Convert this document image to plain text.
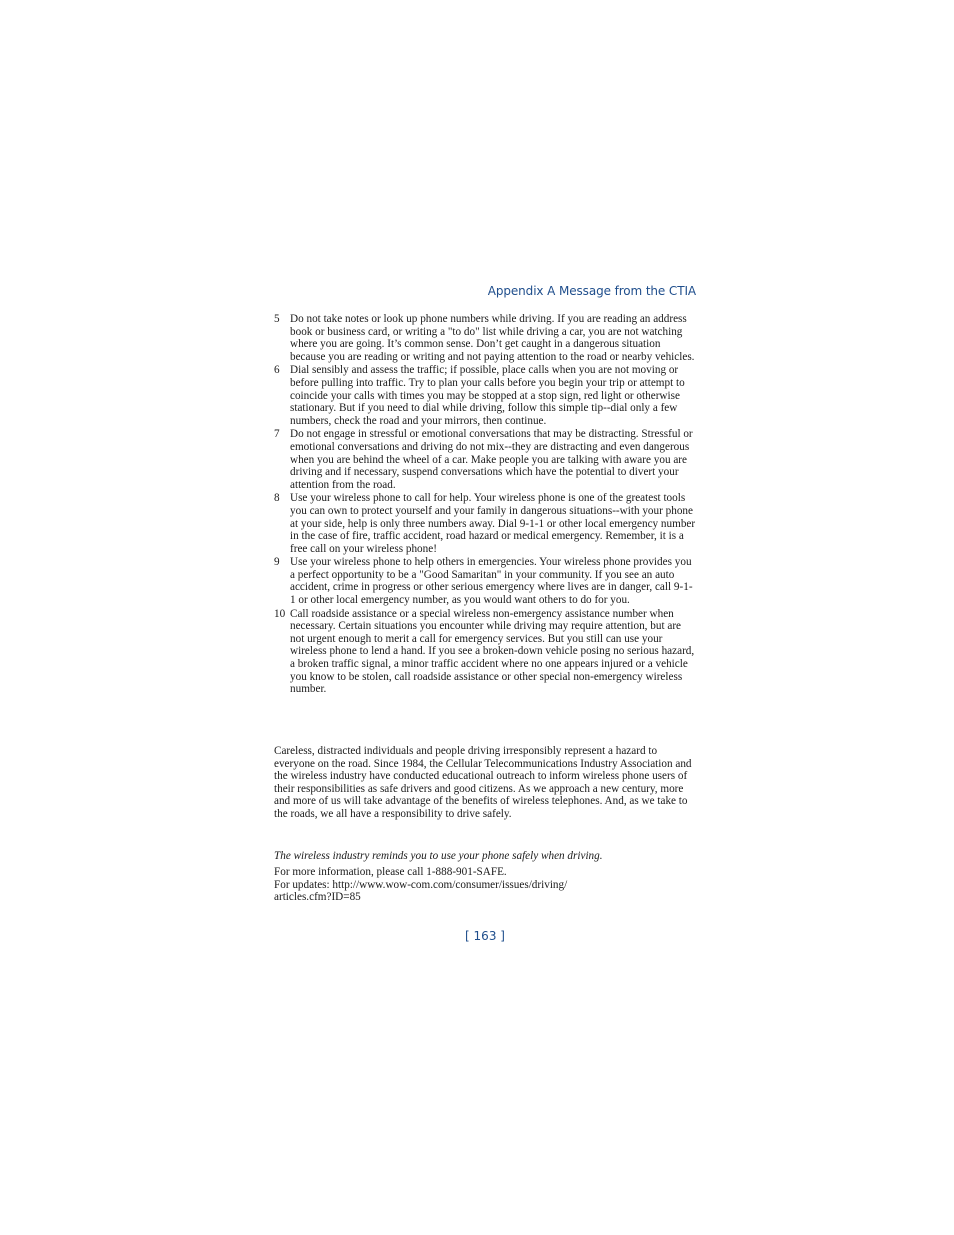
Appendix A Message from the CTIA
5 Do not take notes or look up phone numbers while driving. If you are reading an address book or business card, or writing a "to do" list while driving a car, you are not watching where you are going. It’s common sense. Don’t get caught in a dangerous situation because you are reading or writing and not paying attention to the road or nearby vehicles.
6 Dial sensibly and assess the traffic; if possible, place calls when you are not moving or before pulling into traffic. Try to plan your calls before you begin your trip or attempt to coincide your calls with times you may be stopped at a stop sign, red light or otherwise stationary. But if you need to dial while driving, follow this simple tip--dial only a few numbers, check the road and your mirrors, then continue.
7 Do not engage in stressful or emotional conversations that may be distracting. Stressful or emotional conversations and driving do not mix--they are distracting and even dangerous when you are behind the wheel of a car. Make people you are talking with aware you are driving and if necessary, suspend conversations which have the potential to divert your attention from the road.
8 Use your wireless phone to call for help. Your wireless phone is one of the greatest tools you can own to protect yourself and your family in dangerous situations--with your phone at your side, help is only three numbers away. Dial 9-1-1 or other local emergency number in the case of fire, traffic accident, road hazard or medical emergency. Remember, it is a free call on your wireless phone!
9 Use your wireless phone to help others in emergencies. Your wireless phone provides you a perfect opportunity to be a "Good Samaritan" in your community. If you see an auto accident, crime in progress or other serious emergency where lives are in danger, call 9-1-1 or other local emergency number, as you would want others to do for you.
10 Call roadside assistance or a special wireless non-emergency assistance number when necessary. Certain situations you encounter while driving may require attention, but are not urgent enough to merit a call for emergency services. But you still can use your wireless phone to lend a hand. If you see a broken-down vehicle posing no serious hazard, a broken traffic signal, a minor traffic accident where no one appears injured or a vehicle you know to be stolen, call roadside assistance or other special non-emergency wireless number.

Careless, distracted individuals and people driving irresponsibly represent a hazard to everyone on the road. Since 1984, the Cellular Telecommunications Industry Association and the wireless industry have conducted educational outreach to inform wireless phone users of their responsibilities as safe drivers and good citizens. As we approach a new century, more and more of us will take advantage of the benefits of wireless telephones. And, as we take to the roads, we all have a responsibility to drive safely.

The wireless industry reminds you to use your phone safely when driving.

For more information, please call 1-888-901-SAFE.
For updates: http://www.wow-com.com/consumer/issues/driving/
articles.cfm?ID=85

[ 163 ]
